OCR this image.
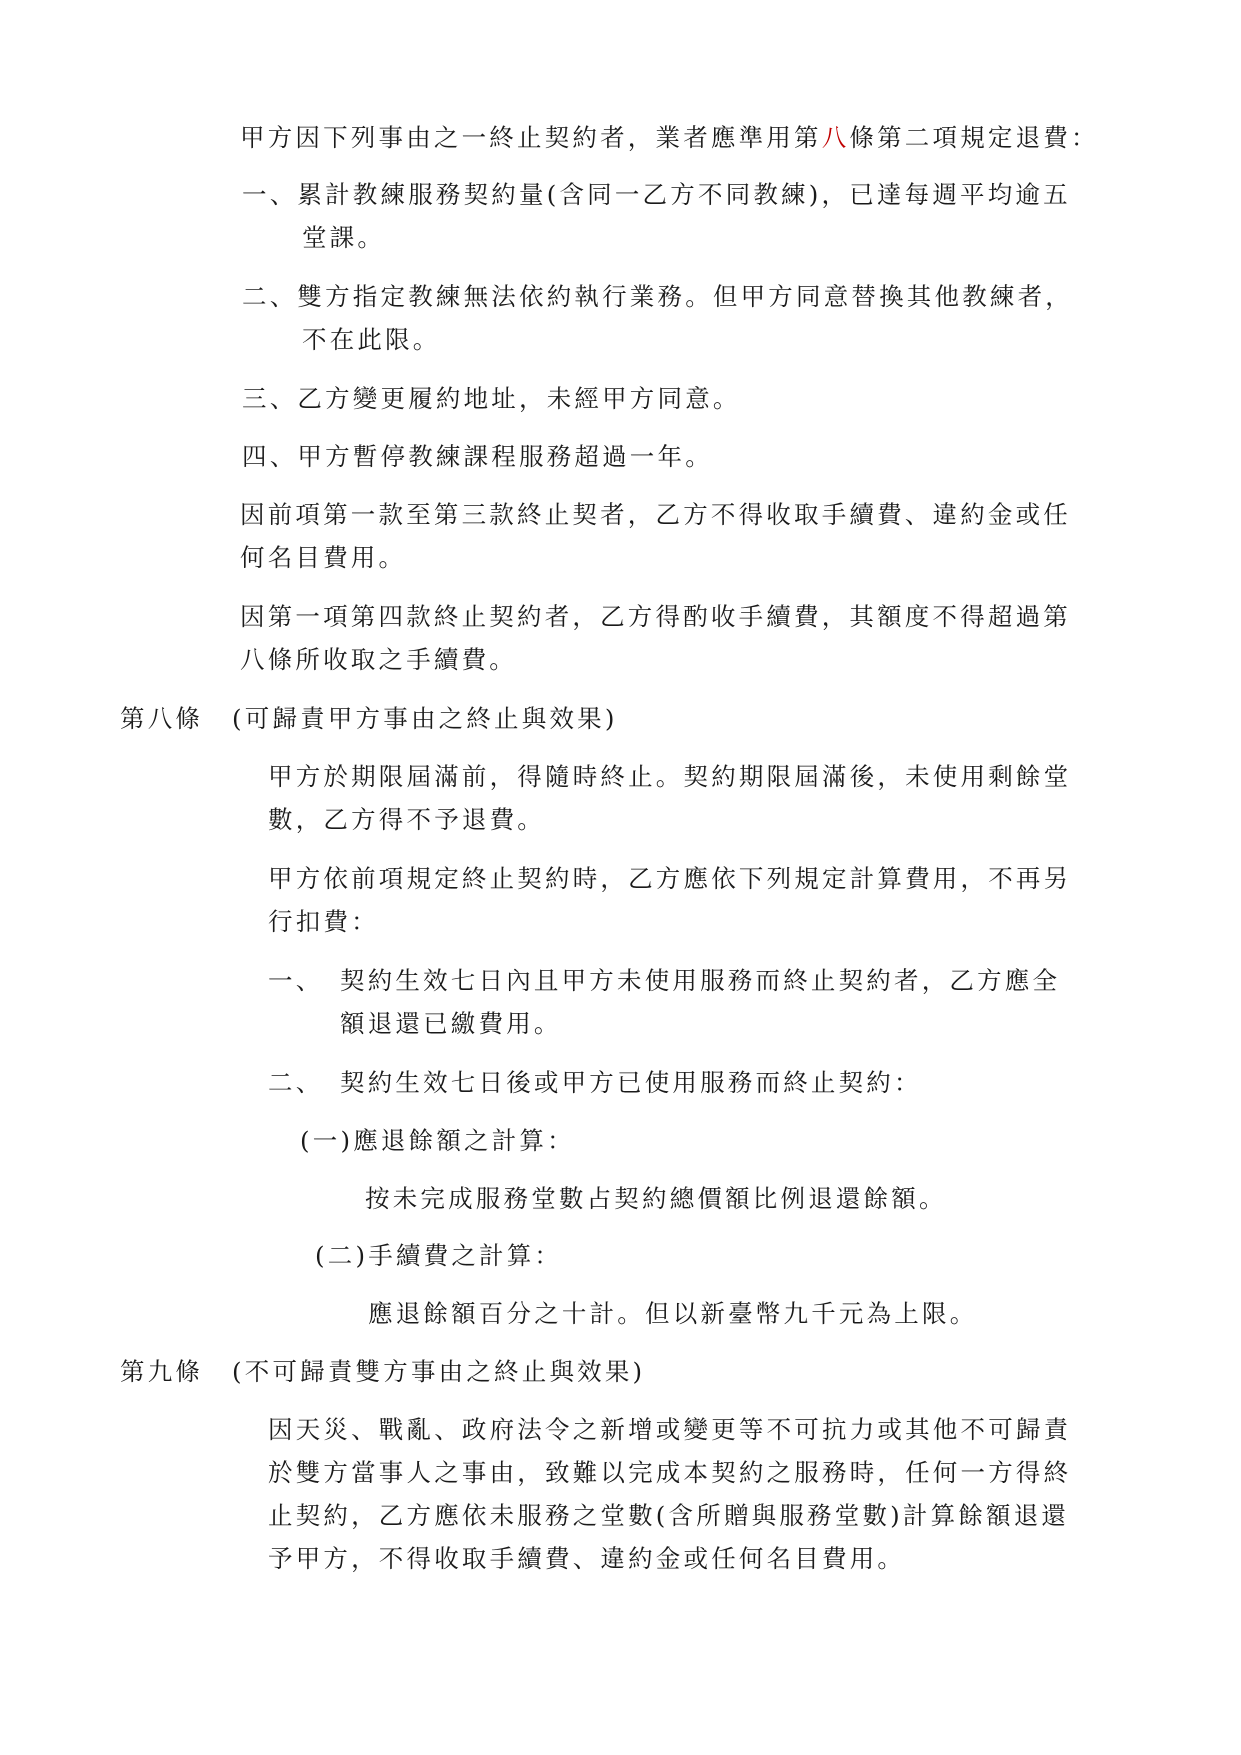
甲方因下列事由之一終止契約者，業者應準用第八條第二項規定退費：
一、累計教練服務契約量(含同一乙方不同教練)，已達每週平均逾五
堂課。
二、雙方指定教練無法依約執行業務。但甲方同意替換其他教練者，
不在此限。
三、乙方變更履約地址，未經甲方同意。
四、甲方暫停教練課程服務超過一年。
因前項第一款至第三款終止契者，乙方不得收取手續費、違約金或任
何名目費用。
因第一項第四款終止契約者，乙方得酌收手續費，其額度不得超過第
八條所收取之手續費。
第八條 (可歸責甲方事由之終止與效果)
甲方於期限屆滿前，得隨時終止。契約期限屆滿後，未使用剩餘堂
數，乙方得不予退費。
甲方依前項規定終止契約時，乙方應依下列規定計算費用，不再另
行扣費：
一、 契約生效七日內且甲方未使用服務而終止契約者，乙方應全
額退還已繳費用。
二、 契約生效七日後或甲方已使用服務而終止契約：
(一)應退餘額之計算：
按未完成服務堂數占契約總價額比例退還餘額。
(二)手續費之計算：
應退餘額百分之十計。但以新臺幣九千元為上限。
第九條 (不可歸責雙方事由之終止與效果)
因天災、戰亂、政府法令之新增或變更等不可抗力或其他不可歸責
於雙方當事人之事由，致難以完成本契約之服務時，任何一方得終
止契約，乙方應依未服務之堂數(含所贈與服務堂數)計算餘額退還
予甲方，不得收取手續費、違約金或任何名目費用。
